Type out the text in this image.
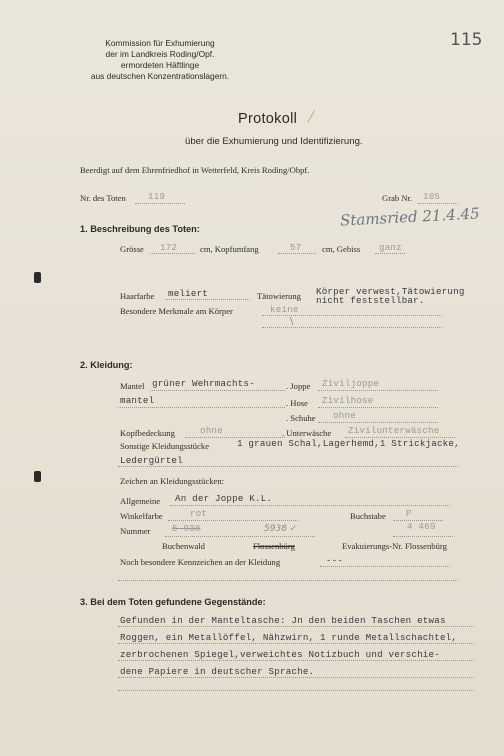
115
Kommission für Exhumierung
der im Landkreis Roding/Opf.
ermordeten Häftlinge
aus deutschen Konzentrationslagern.
Protokoll
über die Exhumierung und Identifizierung.
Beerdigt auf dem Ehrenfriedhof in Wetterfeld, Kreis Roding/Obpf.
Nr. des Toten 119	Grab Nr. 105
Stamsried 21.4.45
1. Beschreibung des Toten:
Grösse 172	cm, Kopfumfang	57 cm, Gebiss ganz
Haarfarbe meliert	Tätowierung Körper verwest,Tätowierung
nicht feststellbar.
Besondere Merkmale am Körper	keine
\
2. Kleidung:
Mantel grüner Wehrmachts-	. Joppe Ziviljoppe
mantel	. Hose Zivilhose
. Schuhe ohne
Kopfbedeckung	ohne	. Unterwäsche Zivilunterwäsche
Sonstige Kleidungsstücke	1 grauen Schal,Lagerhemd,1 Strickjacke,
Ledergürtel
Zeichen an Kleidungsstücken:
Allgemeine An der Joppe K.L.
Winkelfarbe	rot	Buchstabe P
Nummer 5 938	5938 ✓	4 469
Buchenwald	Flossenbürg	Evakuierungs-Nr. Flossenbürg
Noch besondere Kennzeichen an der Kleidung	---
3. Bei dem Toten gefundene Gegenstände:
Gefunden in der Manteltasche: Jn den beiden Taschen etwas
Roggen, ein Metallöffel, Nähzwirn, 1 runde Metallschachtel,
zerbrochenen Spiegel,verweichtes Notizbuch und verschie-
dene Papiere in deutscher Sprache.
